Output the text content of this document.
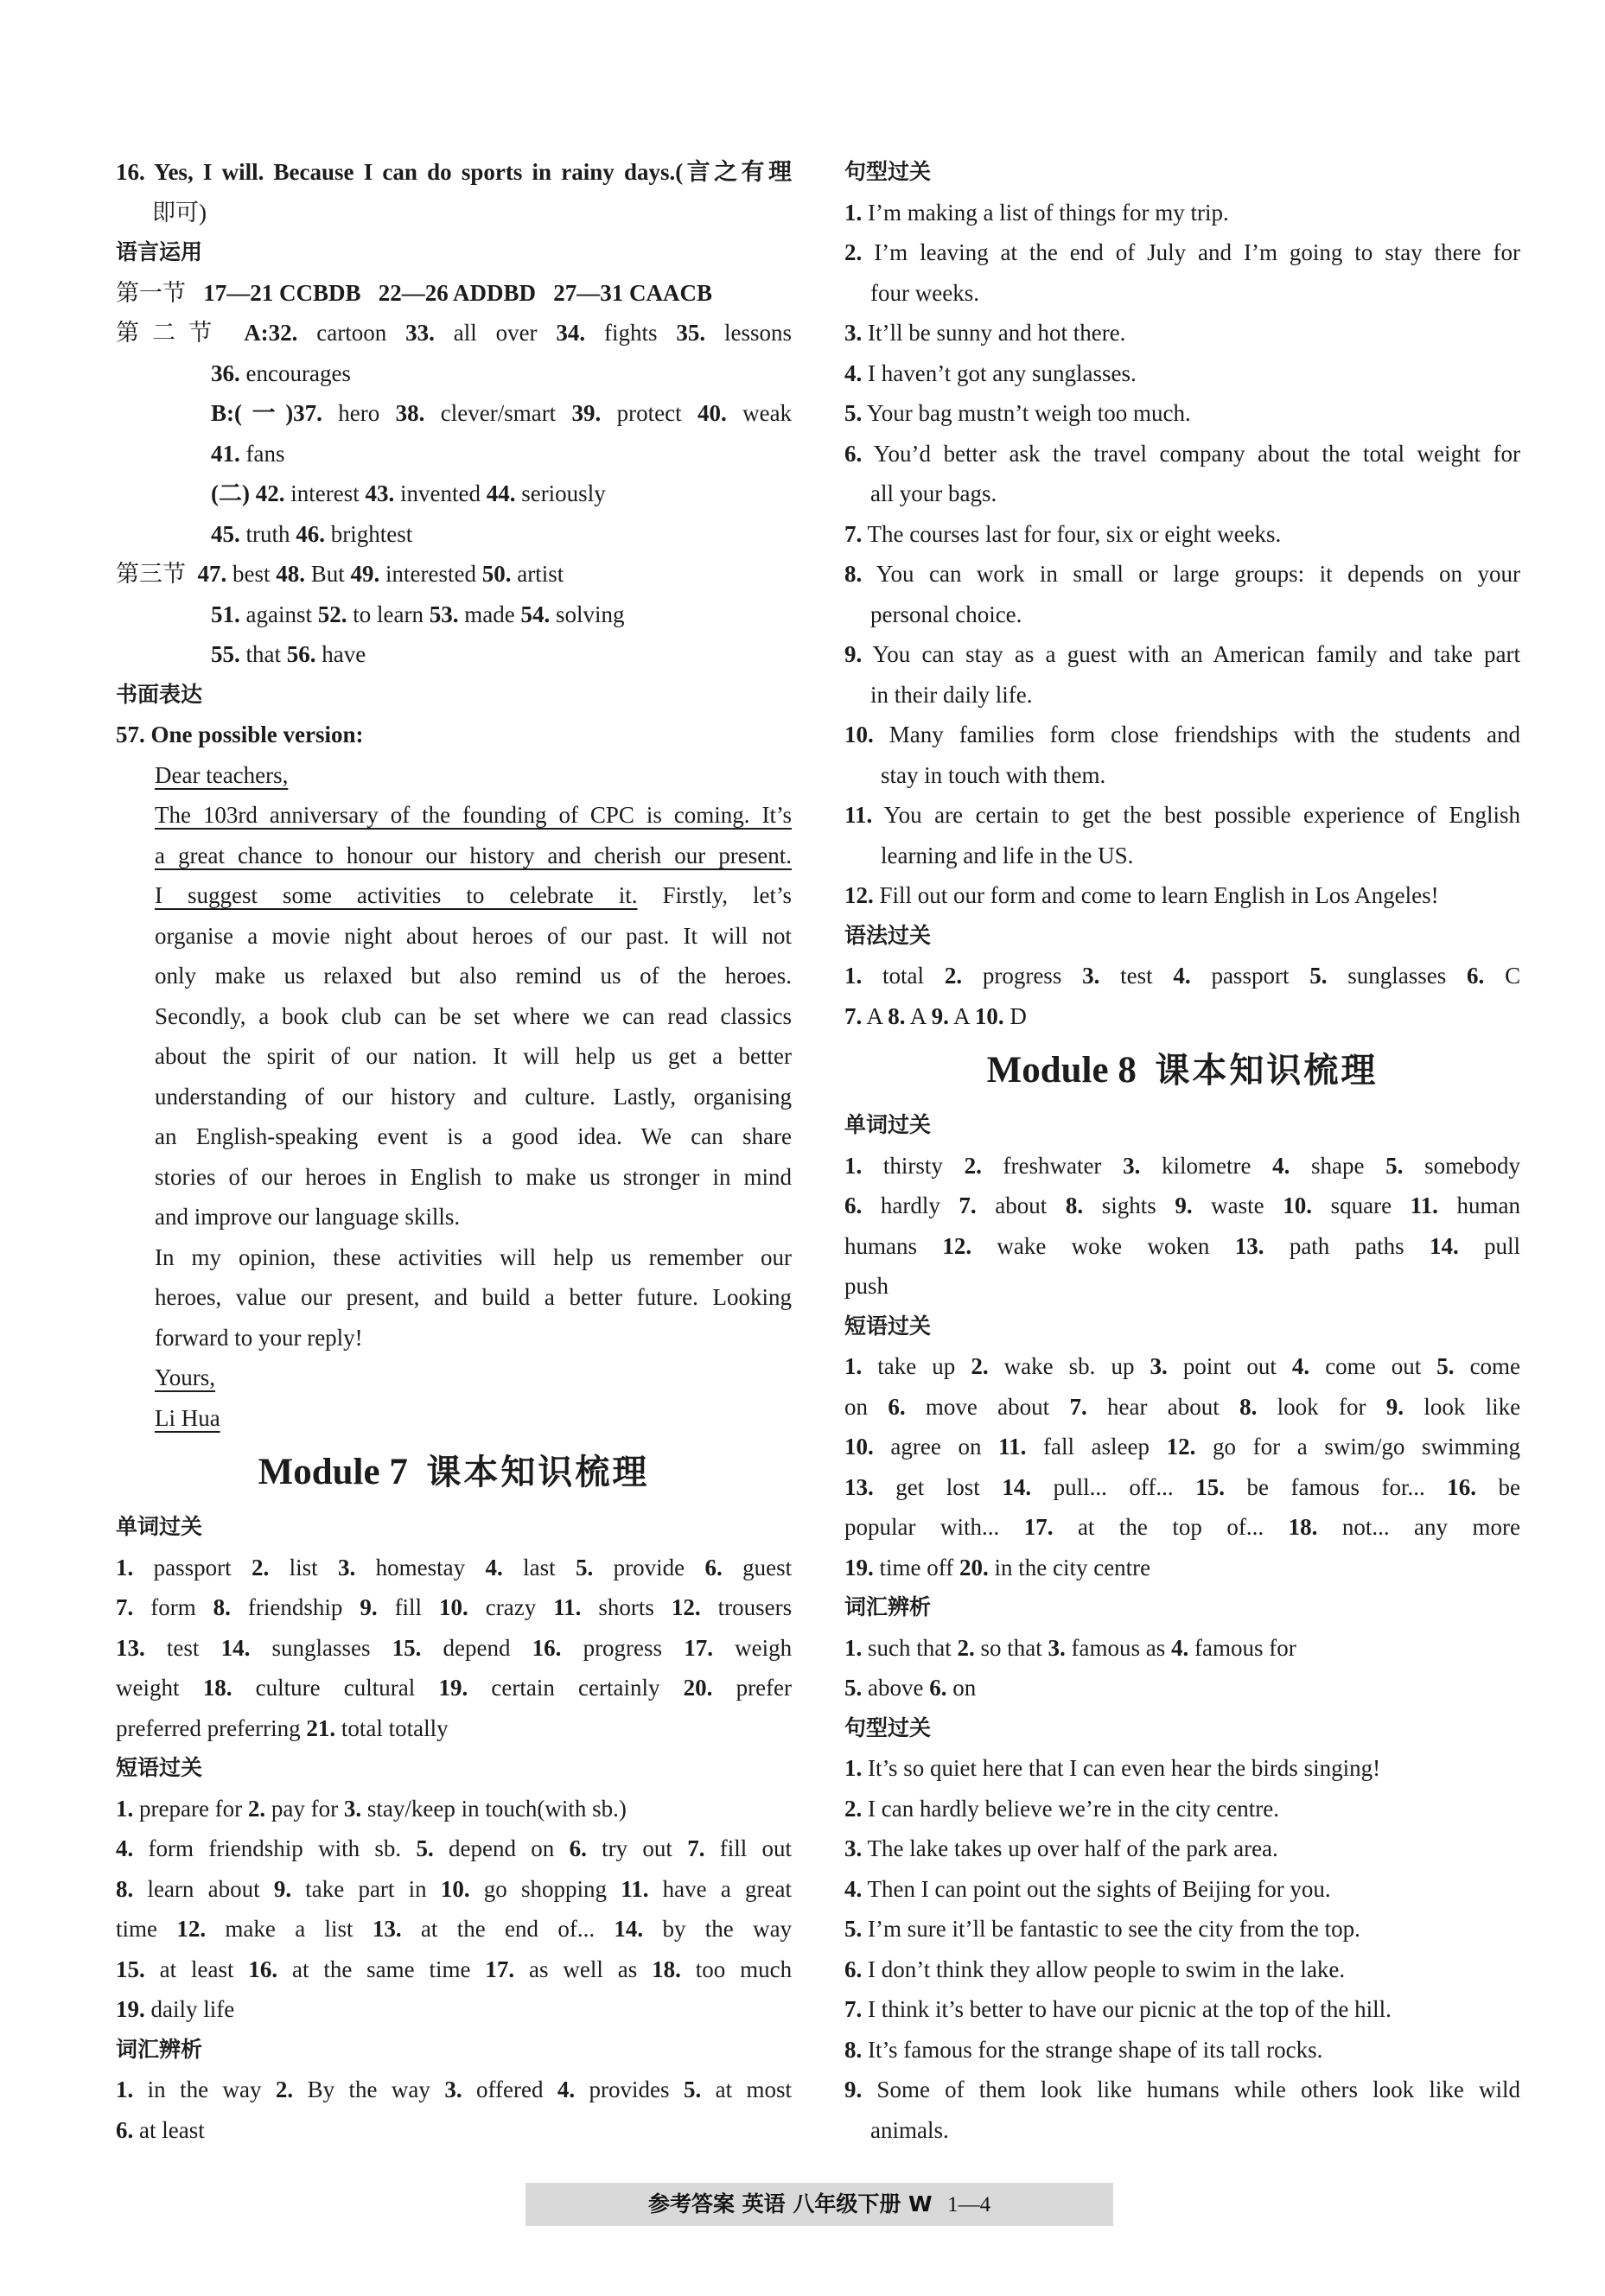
16. Yes, I will. Because I can do sports in rainy days.(言之有理
即可)
语言运用
第一节 17—21 CCBDB 22—26 ADDBD 27—31 CAACB
第二节 A:32. cartoon 33. all over 34. fights 35. lessons
36. encourages
B:(一)37. hero 38. clever/smart 39. protect 40. weak
41. fans
(二) 42. interest 43. invented 44. seriously
45. truth 46. brightest
第三节 47. best 48. But 49. interested 50. artist
51. against 52. to learn 53. made 54. solving
55. that 56. have
书面表达
57. One possible version:
Dear teachers,
The 103rd anniversary of the founding of CPC is coming. It’s
a great chance to honour our history and cherish our present.
I suggest some activities to celebrate it. Firstly, let’s
organise a movie night about heroes of our past. It will not
only make us relaxed but also remind us of the heroes.
Secondly, a book club can be set where we can read classics
about the spirit of our nation. It will help us get a better
understanding of our history and culture. Lastly, organising
an English-speaking event is a good idea. We can share
stories of our heroes in English to make us stronger in mind
and improve our language skills.
In my opinion, these activities will help us remember our
heroes, value our present, and build a better future. Looking
forward to your reply!
Yours,
Li Hua
Module 7 课本知识梳理
单词过关
1. passport 2. list 3. homestay 4. last 5. provide 6. guest
7. form 8. friendship 9. fill 10. crazy 11. shorts 12. trousers
13. test 14. sunglasses 15. depend 16. progress 17. weigh
weight 18. culture cultural 19. certain certainly 20. prefer
preferred preferring 21. total totally
短语过关
1. prepare for 2. pay for 3. stay/keep in touch(with sb.)
4. form friendship with sb. 5. depend on 6. try out 7. fill out
8. learn about 9. take part in 10. go shopping 11. have a great
time 12. make a list 13. at the end of... 14. by the way
15. at least 16. at the same time 17. as well as 18. too much
19. daily life
词汇辨析
1. in the way 2. By the way 3. offered 4. provides 5. at most
6. at least
句型过关
1. I’m making a list of things for my trip.
2. I’m leaving at the end of July and I’m going to stay there for
four weeks.
3. It’ll be sunny and hot there.
4. I haven’t got any sunglasses.
5. Your bag mustn’t weigh too much.
6. You’d better ask the travel company about the total weight for
all your bags.
7. The courses last for four, six or eight weeks.
8. You can work in small or large groups: it depends on your
personal choice.
9. You can stay as a guest with an American family and take part
in their daily life.
10. Many families form close friendships with the students and
stay in touch with them.
11. You are certain to get the best possible experience of English
learning and life in the US.
12. Fill out our form and come to learn English in Los Angeles!
语法过关
1. total 2. progress 3. test 4. passport 5. sunglasses 6. C
7. A 8. A 9. A 10. D
Module 8 课本知识梳理
单词过关
1. thirsty 2. freshwater 3. kilometre 4. shape 5. somebody
6. hardly 7. about 8. sights 9. waste 10. square 11. human
humans 12. wake woke woken 13. path paths 14. pull
push
短语过关
1. take up 2. wake sb. up 3. point out 4. come out 5. come
on 6. move about 7. hear about 8. look for 9. look like
10. agree on 11. fall asleep 12. go for a swim/go swimming
13. get lost 14. pull... off... 15. be famous for... 16. be
popular with... 17. at the top of... 18. not... any more
19. time off 20. in the city centre
词汇辨析
1. such that 2. so that 3. famous as 4. famous for
5. above 6. on
句型过关
1. It’s so quiet here that I can even hear the birds singing!
2. I can hardly believe we’re in the city centre.
3. The lake takes up over half of the park area.
4. Then I can point out the sights of Beijing for you.
5. I’m sure it’ll be fantastic to see the city from the top.
6. I don’t think they allow people to swim in the lake.
7. I think it’s better to have our picnic at the top of the hill.
8. It’s famous for the strange shape of its tall rocks.
9. Some of them look like humans while others look like wild
animals.
参考答案 英语 八年级下册 W 1—4
